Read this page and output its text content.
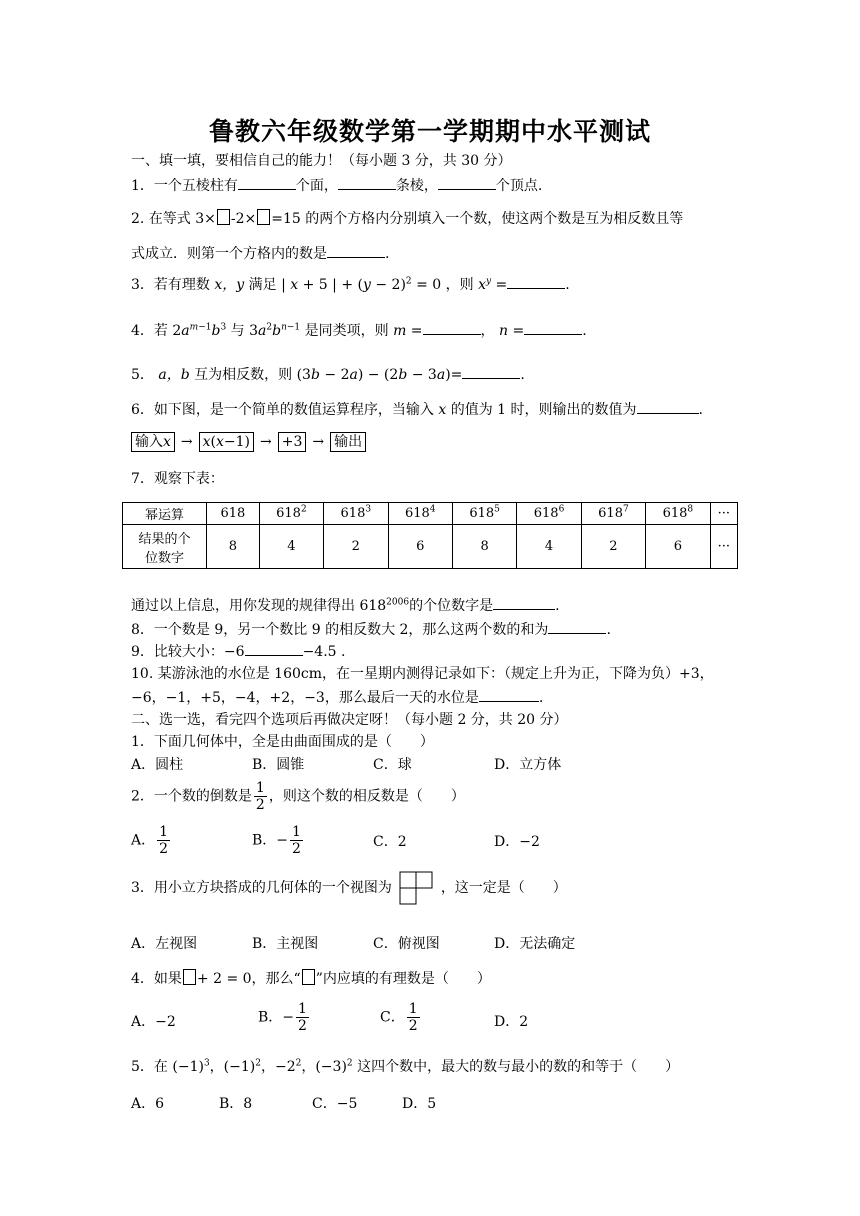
鲁教六年级数学第一学期期中水平测试
一、填一填，要相信自己的能力！（每小题 3 分，共 30 分）
1．一个五棱柱有	个面，	条棱，	个顶点.
2. 在等式 3× -2× =15 的两个方格内分别填入一个数，使这两个数是互为相反数且等
式成立．则第一个方格内的数是	.
3．若有理数 x，y 满足 | x + 5 | + $(y - 2)^2 = 0$ ，则 $x^y$ =	.
4．若 $2a^{m-1}b^3$ 与 $3a^2b^{n-1}$ 是同类项，则 m =	， n =	.
5． a，b 互为相反数，则 (3b − 2a) − (2b − 3a)=	.
6．如下图，是一个简单的数值运算程序，当输入 x 的值为 1 时，则输出的数值为	.
输入x → x(x−1) → +3 → 输出
7．观察下表：
幂运算	618	$618^2$	$618^3$	$618^4$	$618^5$	$618^6$	$618^7$	$618^8$	···
结果的个
位数字	8	4	2	6	8	4	2	6	···
通过以上信息，用你发现的规律得出 $618^{2006}$的个位数字是	.
8．一个数是 9，另一个数比 9 的相反数大 2，那么这两个数的和为	.
9．比较大小：−6	−4.5 .
10. 某游泳池的水位是 160cm，在一星期内测得记录如下：（规定上升为正，下降为负）+3，
−6，−1，+5，−4，+2，−3，那么最后一天的水位是	.
二、选一选，看完四个选项后再做决定呀！（每小题 2 分，共 20 分）
1．下面几何体中，全是由曲面围成的是（　　）
A．圆柱	B．圆锥	C．球	D．立方体
2．一个数的倒数是 $\frac{1}{2}$ ，则这个数的相反数是（　　）
A． $\frac{1}{2}$	B．− $\frac{1}{2}$	C．2	D．−2
3．用小立方块搭成的几何体的一个视图为	，这一定是（　　）
A．左视图	B．主视图	C．俯视图	D．无法确定
4．如果 + 2 = 0，那么“ ”内应填的有理数是（　　）
A．−2	B．− $\frac{1}{2}$	C． $\frac{1}{2}$	D．2
5．在 $(-1)^3$，$(-1)^2$，$-2^2$，$(-3)^2$ 这四个数中，最大的数与最小的数的和等于（　　）
A．6	B．8	C．−5	D．5
